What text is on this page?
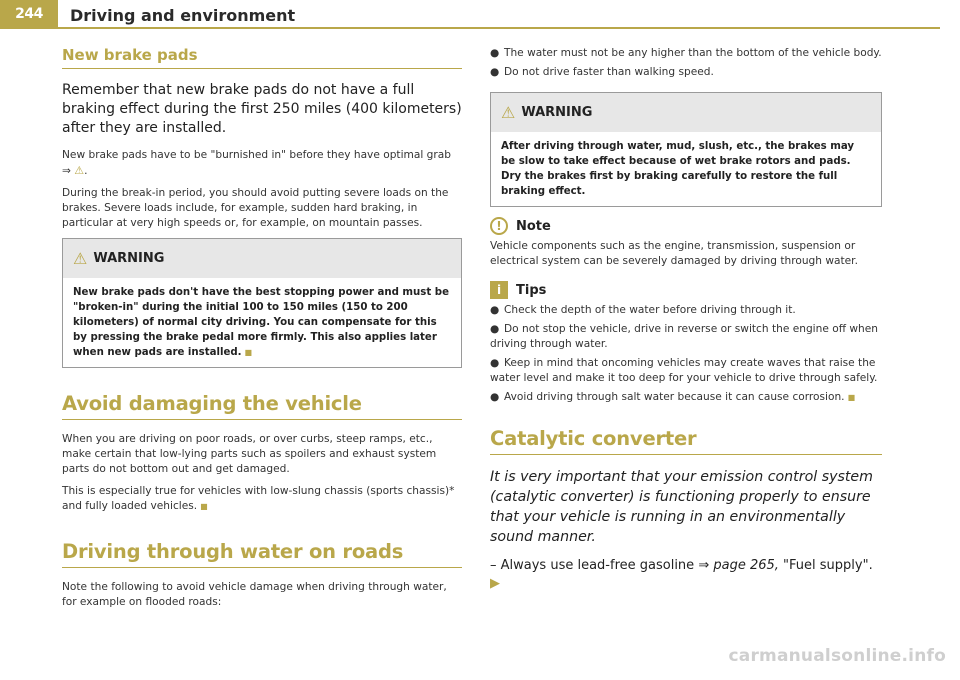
244	Driving and environment
New brake pads

Remember that new brake pads do not have a full braking effect during the first 250 miles (400 kilometers) after they are installed.

New brake pads have to be "burnished in" before they have optimal grab ⇒ ⚠.

During the break-in period, you should avoid putting severe loads on the brakes. Severe loads include, for example, sudden hard braking, in particular at very high speeds or, for example, on mountain passes.

⚠ WARNING
New brake pads don't have the best stopping power and must be "broken-in" during the initial 100 to 150 miles (150 to 200 kilometers) of normal city driving. You can compensate for this by pressing the brake pedal more firmly. This also applies later when new pads are installed. ■
Avoid damaging the vehicle

When you are driving on poor roads, or over curbs, steep ramps, etc., make certain that low-lying parts such as spoilers and exhaust system parts do not bottom out and get damaged.

This is especially true for vehicles with low-slung chassis (sports chassis)* and fully loaded vehicles. ■

Driving through water on roads

Note the following to avoid vehicle damage when driving through water, for example on flooded roads:

● The water must not be any higher than the bottom of the vehicle body.
● Do not drive faster than walking speed.
⚠ WARNING
After driving through water, mud, slush, etc., the brakes may be slow to take effect because of wet brake rotors and pads. Dry the brakes first by braking carefully to restore the full braking effect.
!	Note

Vehicle components such as the engine, transmission, suspension or electrical system can be severely damaged by driving through water.

i	Tips
● Check the depth of the water before driving through it.
● Do not stop the vehicle, drive in reverse or switch the engine off when driving through water.
● Keep in mind that oncoming vehicles may create waves that raise the water level and make it too deep for your vehicle to drive through safely.
● Avoid driving through salt water because it can cause corrosion. ■
Catalytic converter

It is very important that your emission control system (catalytic converter) is functioning properly to ensure that your vehicle is running in an environmentally sound manner.

– Always use lead-free gasoline ⇒ page 265, "Fuel supply". ▶
carmanualsonline.info
